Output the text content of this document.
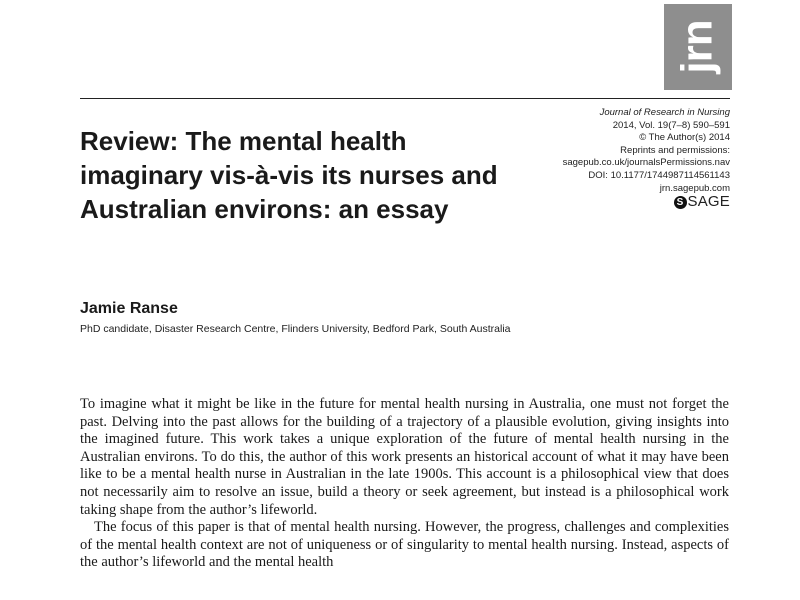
jrn
Journal of Research in Nursing
2014, Vol. 19(7–8) 590–591
© The Author(s) 2014
Reprints and permissions:
sagepub.co.uk/journalsPermissions.nav
DOI: 10.1177/1744987114561143
jrn.sagepub.com
S SAGE
Review: The mental health imaginary vis-à-vis its nurses and Australian environs: an essay

Jamie Ranse

PhD candidate, Disaster Research Centre, Flinders University, Bedford Park, South Australia

To imagine what it might be like in the future for mental health nursing in Australia, one must not forget the past. Delving into the past allows for the building of a trajectory of a plausible evolution, giving insights into the imagined future. This work takes a unique exploration of the future of mental health nursing in the Australian environs. To do this, the author of this work presents an historical account of what it may have been like to be a mental health nurse in Australian in the late 1900s. This account is a philosophical view that does not necessarily aim to resolve an issue, build a theory or seek agreement, but instead is a philosophical work taking shape from the author’s lifeworld.

The focus of this paper is that of mental health nursing. However, the progress, challenges and complexities of the mental health context are not of uniqueness or of singularity to mental health nursing. Instead, aspects of the author’s lifeworld and the mental health
